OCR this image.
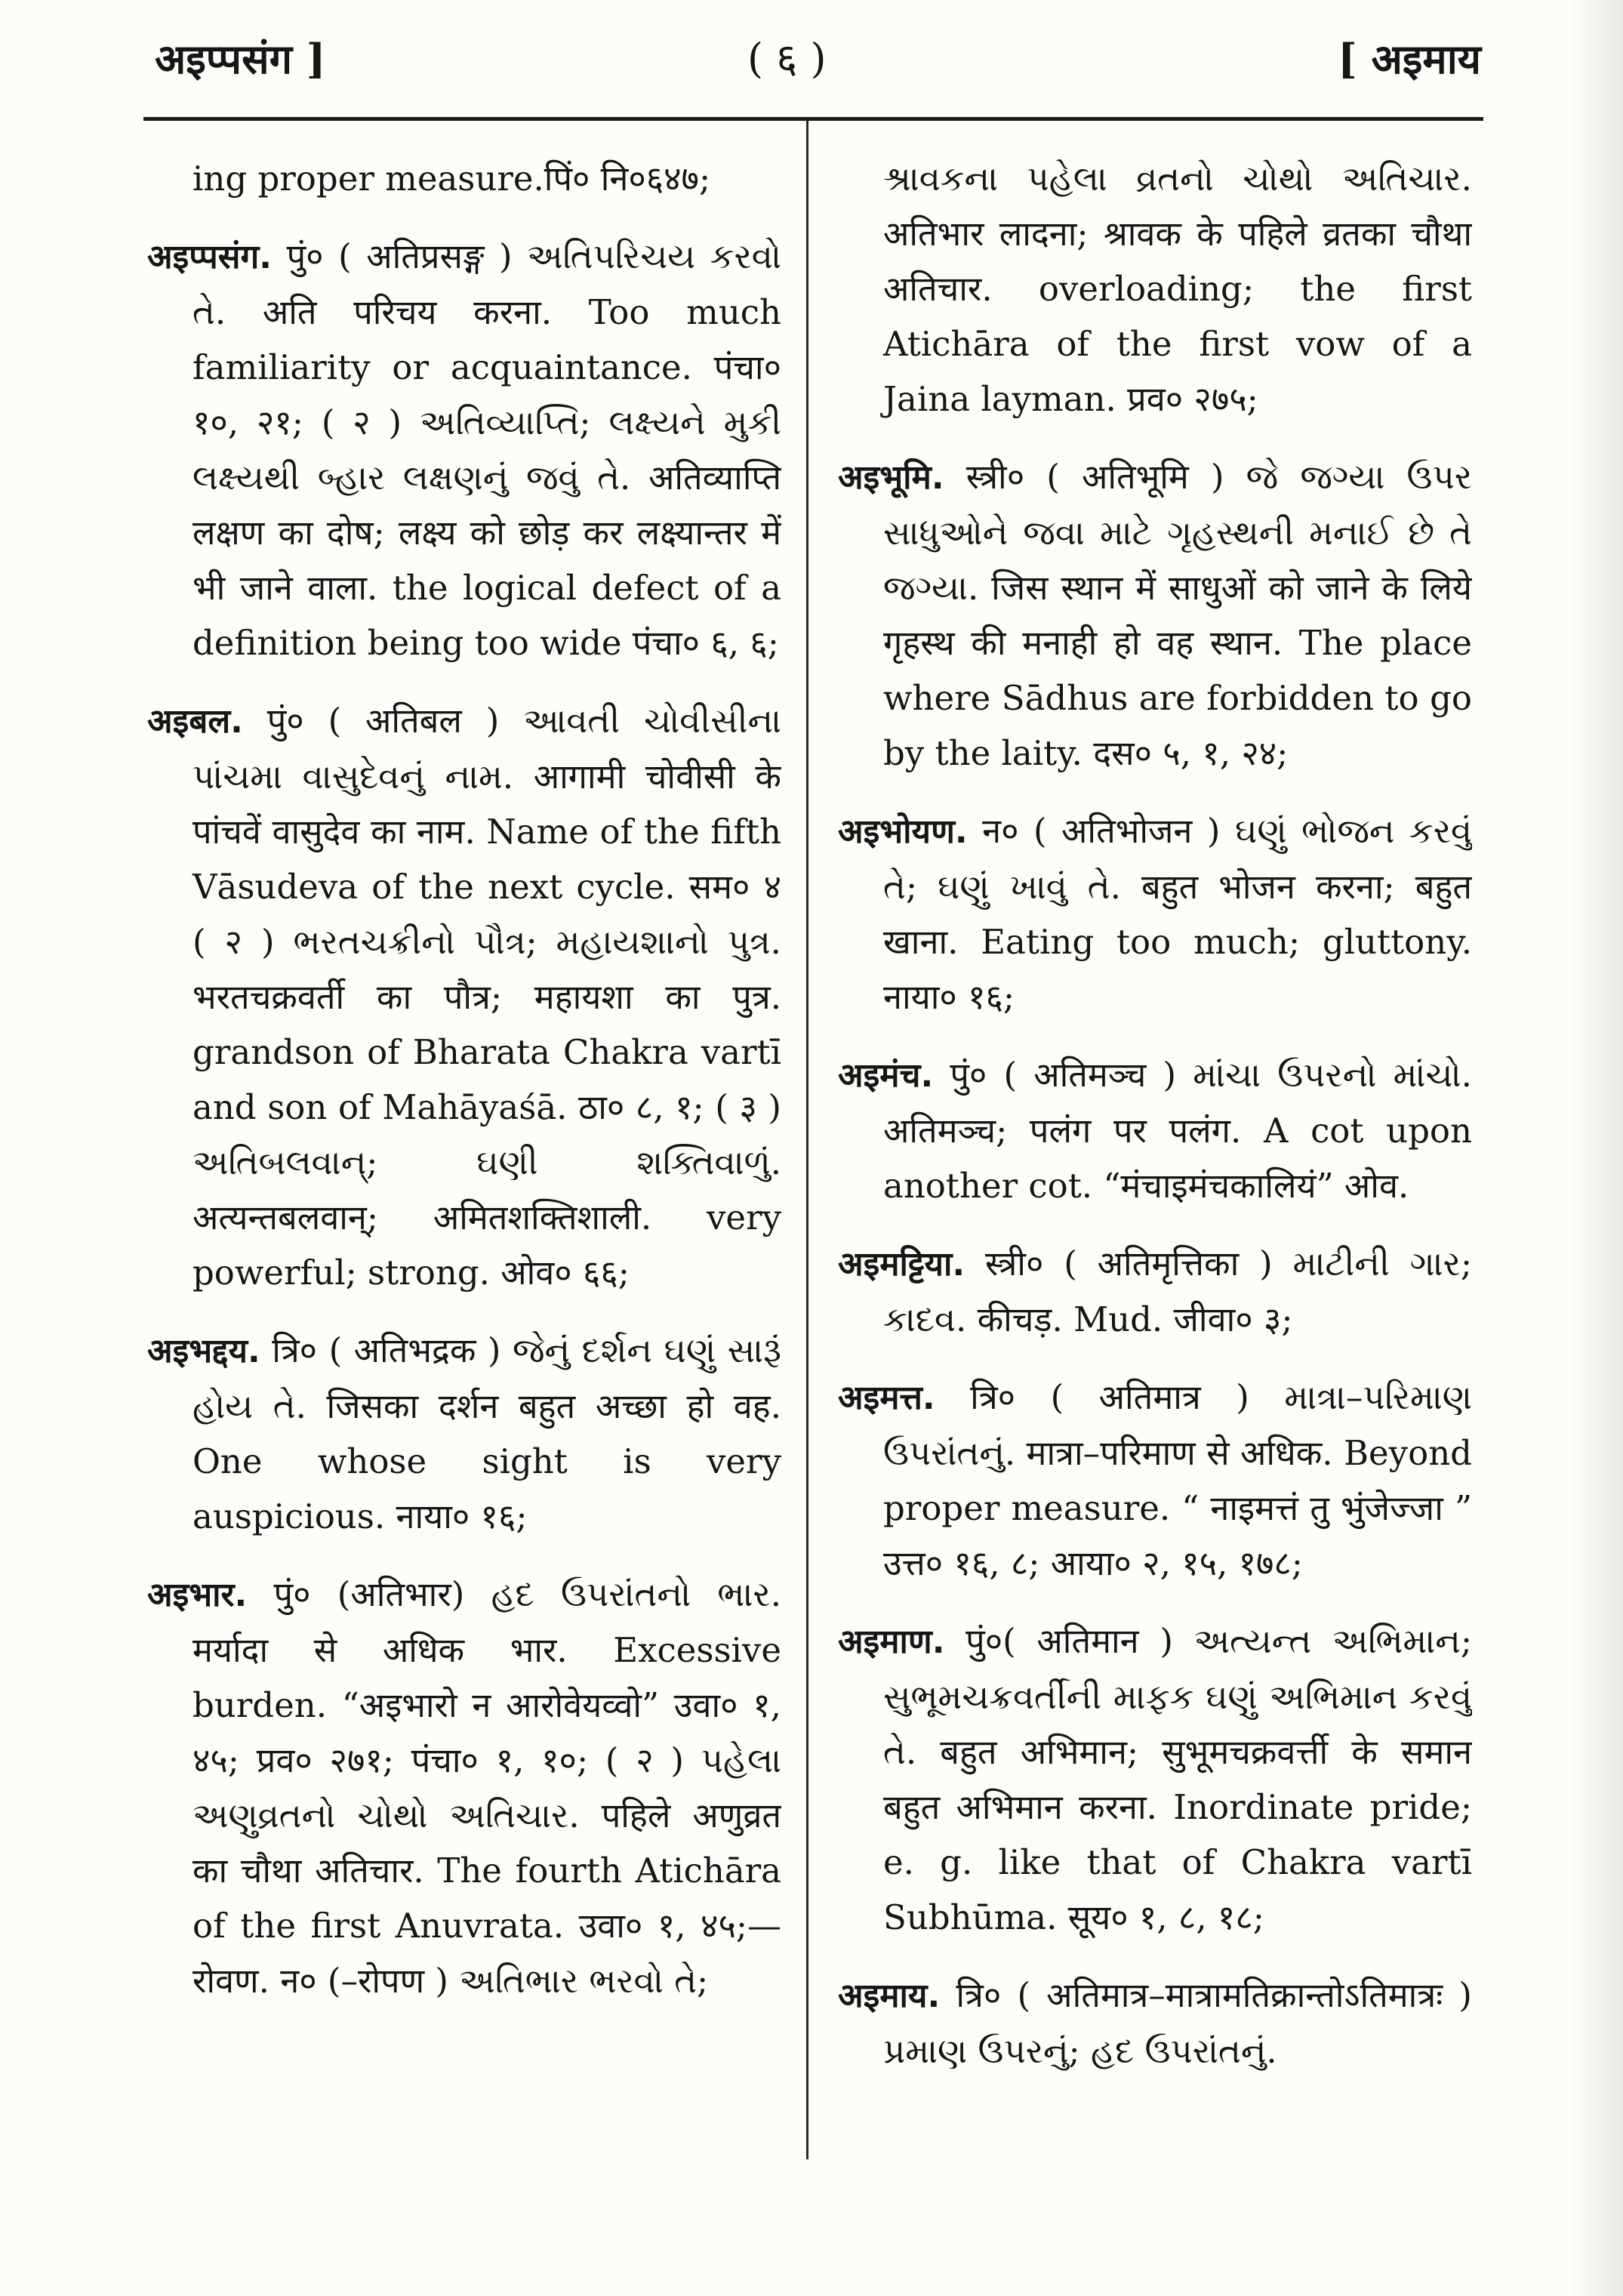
अइप्पसंग ]	( ६ )	[ अइमाय

ing proper measure.पिं० नि०६४७;

अइप्पसंग. पुं० ( अतिप्रसङ्ग ) અતિપરિચય કરવો તે. अति परिचय करना. Too much familiarity or acquaintance. पंचा० १०, २१; ( २ ) અતિવ્યાપ્તિ; લક્ષ્યને મુકી લક્ષ્યથી બ્હાર લક્ષણનું જવું તે. अतिव्याप्ति लक्षण का दोष; लक्ष्य को छोड़ कर लक्ष्यान्तर में भी जाने वाला. the logical defect of a definition being too wide पंचा० ६, ६;

अइबल. पुं० ( अतिबल ) આવતી ચોવીસીના પાંચમા વાસુદેવનું નામ. आगामी चोवीसी के पांचवें वासुदेव का नाम. Name of the fifth Vāsudeva of the next cycle. सम० ४ ( २ ) ભરતચક્રીનો પૌત્ર; મહાયશાનો પુત્ર. भरतचक्रवर्ती का पौत्र; महायशा का पुत्र. grandson of Bharata Chakra vartī and son of Mahāyaśā. ठा० ८, १; ( ३ ) અતિબલવાન્; ઘણી શક્તિવાળું. अत्यन्तबलवान्; अमितशक्तिशाली. very powerful; strong. ओव० ६६;

अइभद्दय. त्रि० ( अतिभद्रक ) જેનું દર્શન ઘણું સારૂં હોય તે. जिसका दर्शन बहुत अच्छा हो वह. One whose sight is very auspicious. नाया० १६;

अइभार. पुं० (अतिभार) હદ ઉપરાંતનો ભાર. मर्यादा से अधिक भार. Excessive burden. “अइभारो न आरोवेयव्वो” उवा० १, ४५; प्रव० २७१; पंचा० १, १०; ( २ ) પહેલા અણુવ્રતનો ચોથો અતિચાર. पहिले अणुव्रत का चौथा अतिचार. The fourth Atichāra of the first Anuvrata. उवा० १, ४५;—रोवण. न० (–रोपण ) અતિભાર ભરવો તે;

શ્રાવકના પહેલા વ્રતનો ચોથો અતિચાર. अतिभार लादना; श्रावक के पहिले व्रतका चौथा अतिचार. overloading; the first Atichāra of the first vow of a Jaina layman. प्रव० २७५;

अइभूमि. स्त्री० ( अतिभूमि ) જે જગ્યા ઉપર સાધુઓને જવા માટે ગૃહસ્થની મનાઈ છે તે જગ્યા. जिस स्थान में साधुओं को जाने के लिये गृहस्थ की मनाही हो वह स्थान. The place where Sādhus are forbidden to go by the laity. दस० ५, १, २४;

अइभोयण. न० ( अतिभोजन ) ઘણું ભોજન કરવું તે; ઘણું ખાવું તે. बहुत भोजन करना; बहुत खाना. Eating too much; gluttony. नाया० १६;

अइमंच. पुं० ( अतिमञ्च ) માંચા ઉપરનો માંચો. अतिमञ्च; पलंग पर पलंग. A cot upon another cot. “मंचाइमंचकालियं” ओव.

अइमट्टिया. स्त्री० ( अतिमृत्तिका ) માટીની ગાર; કાદવ. कीचड़. Mud. जीवा० ३;

अइमत्त. त्रि० ( अतिमात्र ) માત્રા–પરિમાણ ઉપરાંતનું. मात्रा–परिमाण से अधिक. Beyond proper measure. “ नाइमत्तं तु भुंजेज्जा ” उत्त० १६, ८; आया० २, १५, १७८;

अइमाण. पुं०( अतिमान ) અત્યન્ત અભિમાન; સુભૂમચક્રવર્તીની માફક ઘણું અભિમાન કરવું તે. बहुत अभिमान; सुभूमचक्रवर्त्ती के समान बहुत अभिमान करना. Inordinate pride; e. g. like that of Chakra vartī Subhūma. सूय० १, ८, १८;

अइमाय. त्रि० ( अतिमात्र–मात्रामतिक्रान्तोऽतिमात्रः ) પ્રમાણ ઉપરનું; હદ ઉપરાંતનું.
